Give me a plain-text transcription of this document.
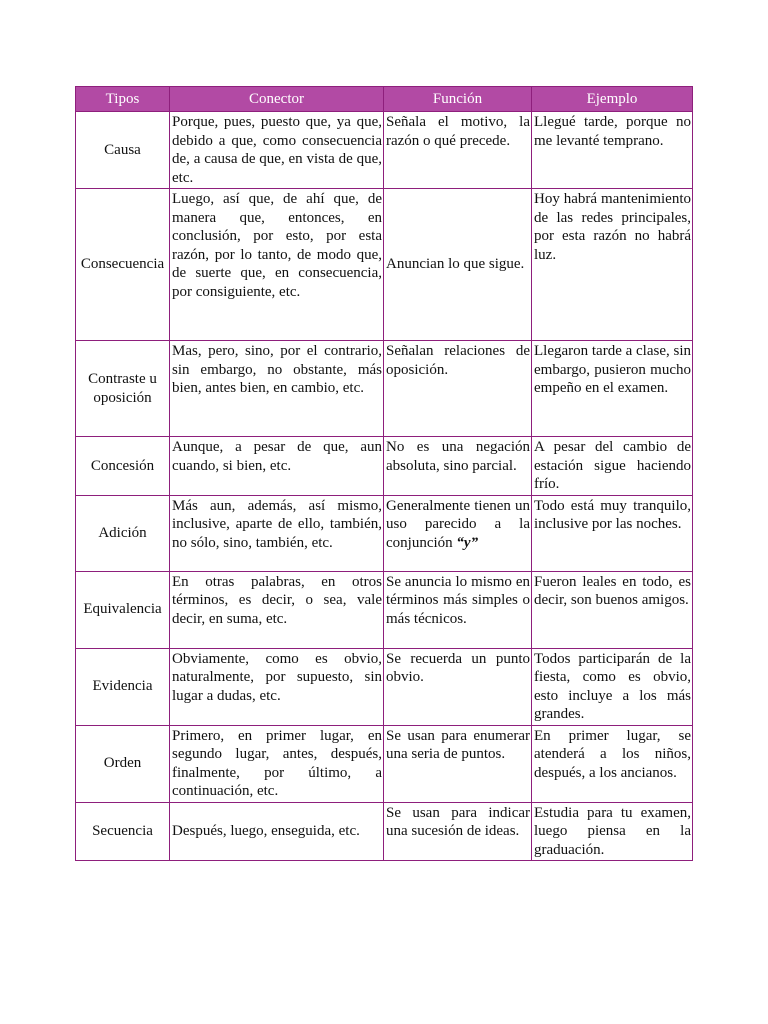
Tipos	Conector	Función	Ejemplo
Causa	Porque, pues, puesto que, ya que, debido a que, como consecuencia de, a causa de que, en vista de que, etc.	Señala el motivo, la razón o qué precede.	Llegué tarde, porque no me levanté temprano.
Consecuencia	Luego, así que, de ahí que, de manera que, entonces, en conclusión, por esto, por esta razón, por lo tanto, de modo que, de suerte que, en consecuencia, por consiguiente, etc.	Anuncian lo que sigue.	Hoy habrá mantenimiento de las redes principales, por esta razón no habrá luz.
Contraste u oposición	Mas, pero, sino, por el contrario, sin embargo, no obstante, más bien, antes bien, en cambio, etc.	Señalan relaciones de oposición.	Llegaron tarde a clase, sin embargo, pusieron mucho empeño en el examen.
Concesión	Aunque, a pesar de que, aun cuando, si bien, etc.	No es una negación absoluta, sino parcial.	A pesar del cambio de estación sigue haciendo frío.
Adición	Más aun, además, así mismo, inclusive, aparte de ello, también, no sólo, sino, también, etc.	Generalmente tienen un uso parecido a la conjunción “y”	Todo está muy tranquilo, inclusive por las noches.
Equivalencia	En otras palabras, en otros términos, es decir, o sea, vale decir, en suma, etc.	Se anuncia lo mismo en términos más simples o más técnicos.	Fueron leales en todo, es decir, son buenos amigos.
Evidencia	Obviamente, como es obvio, naturalmente, por supuesto, sin lugar a dudas, etc.	Se recuerda un punto obvio.	Todos participarán de la fiesta, como es obvio, esto incluye a los más grandes.
Orden	Primero, en primer lugar, en segundo lugar, antes, después, finalmente, por último, a continuación, etc.	Se usan para enumerar una seria de puntos.	En primer lugar, se atenderá a los niños, después, a los ancianos.
Secuencia	Después, luego, enseguida, etc.	Se usan para indicar una sucesión de ideas.	Estudia para tu examen, luego piensa en la graduación.
